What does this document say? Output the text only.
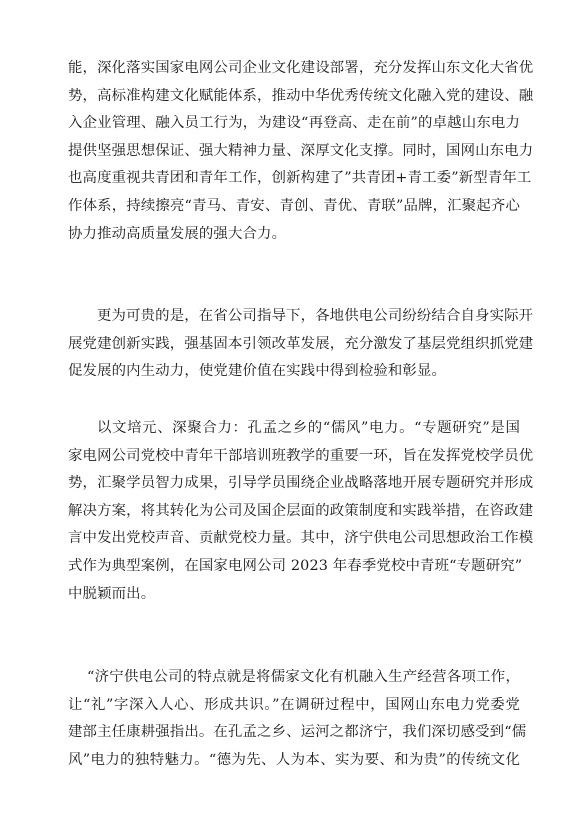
能，深化落实国家电网公司企业文化建设部署，充分发挥山东文化大省优
势，高标准构建文化赋能体系，推动中华优秀传统文化融入党的建设、融
入企业管理、融入员工行为，为建设“再登高、走在前”的卓越山东电力
提供坚强思想保证、强大精神力量、深厚文化支撑。同时，国网山东电力
也高度重视共青团和青年工作，创新构建了”共青团+青工委”新型青年工
作体系，持续擦亮“青马、青安、青创、青优、青联”品牌，汇聚起齐心
协力推动高质量发展的强大合力。
更为可贵的是，在省公司指导下，各地供电公司纷纷结合自身实际开
展党建创新实践，强基固本引领改革发展，充分激发了基层党组织抓党建
促发展的内生动力，使党建价值在实践中得到检验和彰显。
以文培元、深聚合力：孔孟之乡的“儒风”电力。“专题研究”是国
家电网公司党校中青年干部培训班教学的重要一环，旨在发挥党校学员优
势，汇聚学员智力成果，引导学员围绕企业战略落地开展专题研究并形成
解决方案，将其转化为公司及国企层面的政策制度和实践举措，在咨政建
言中发出党校声音、贡献党校力量。其中，济宁供电公司思想政治工作模
式作为典型案例，在国家电网公司 2023 年春季党校中青班“专题研究”
中脱颖而出。
“济宁供电公司的特点就是将儒家文化有机融入生产经营各项工作，
让“礼”字深入人心、形成共识。”在调研过程中，国网山东电力党委党
建部主任康耕强指出。在孔孟之乡、运河之都济宁，我们深切感受到“儒
风”电力的独特魅力。“德为先、人为本、实为要、和为贵”的传统文化
